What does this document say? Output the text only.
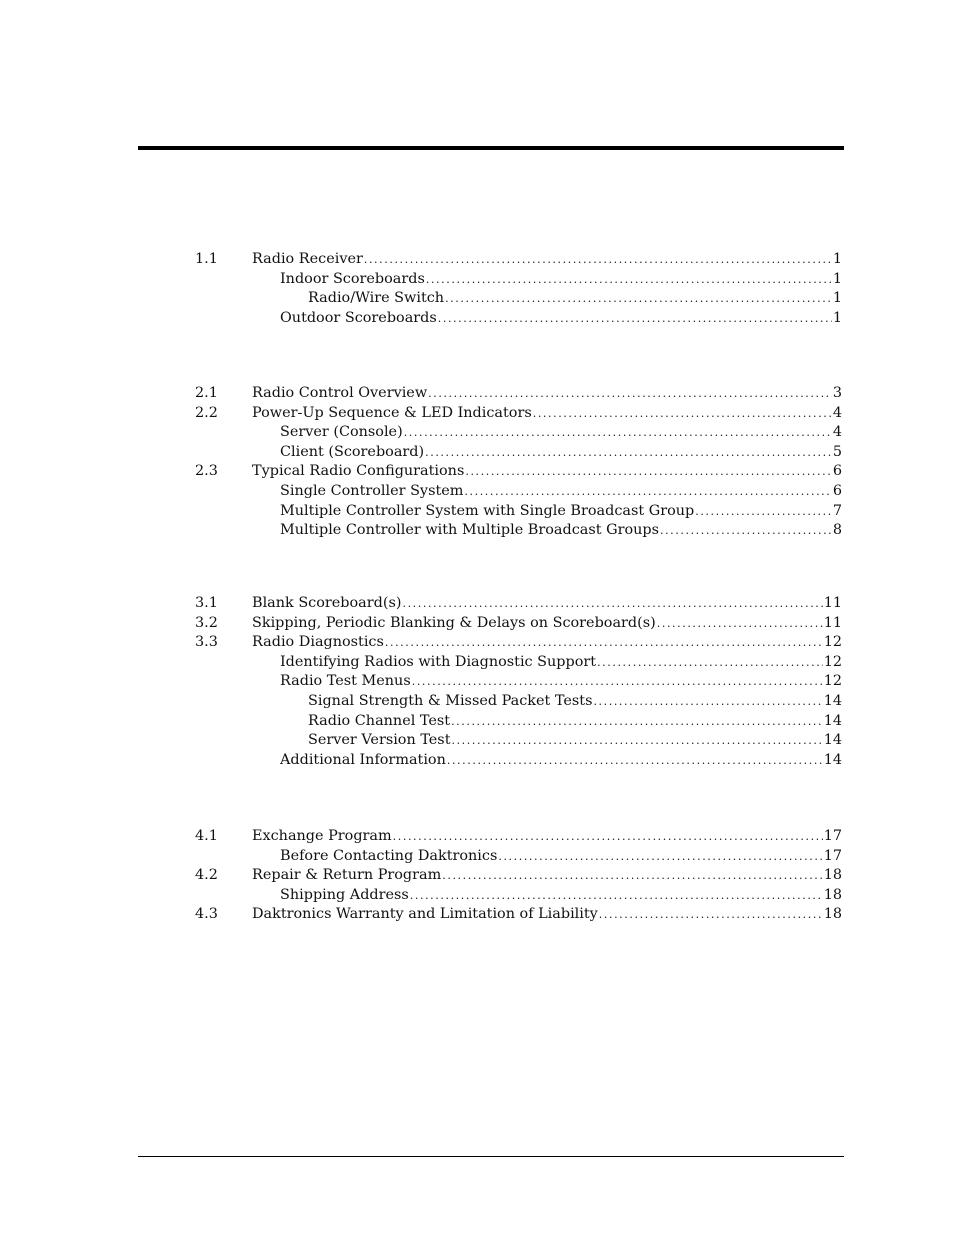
1.1 Radio Receiver .....	1
Indoor Scoreboards .....	1
Radio/Wire Switch .....	1
Outdoor Scoreboards .....	1
2.1 Radio Control Overview .....	3
2.2 Power-Up Sequence & LED Indicators .....	4
Server (Console) .....	4
Client (Scoreboard) .....	5
2.3 Typical Radio Configurations .....	6
Single Controller System .....	6
Multiple Controller System with Single Broadcast Group .....	7
Multiple Controller with Multiple Broadcast Groups .....	8
3.1 Blank Scoreboard(s) .....	11
3.2 Skipping, Periodic Blanking & Delays on Scoreboard(s) .....	11
3.3 Radio Diagnostics .....	12
Identifying Radios with Diagnostic Support .....	12
Radio Test Menus .....	12
Signal Strength & Missed Packet Tests .....	14
Radio Channel Test .....	14
Server Version Test .....	14
Additional Information .....	14
4.1 Exchange Program .....	17
Before Contacting Daktronics .....	17
4.2 Repair & Return Program .....	18
Shipping Address .....	18
4.3 Daktronics Warranty and Limitation of Liability .....	18
